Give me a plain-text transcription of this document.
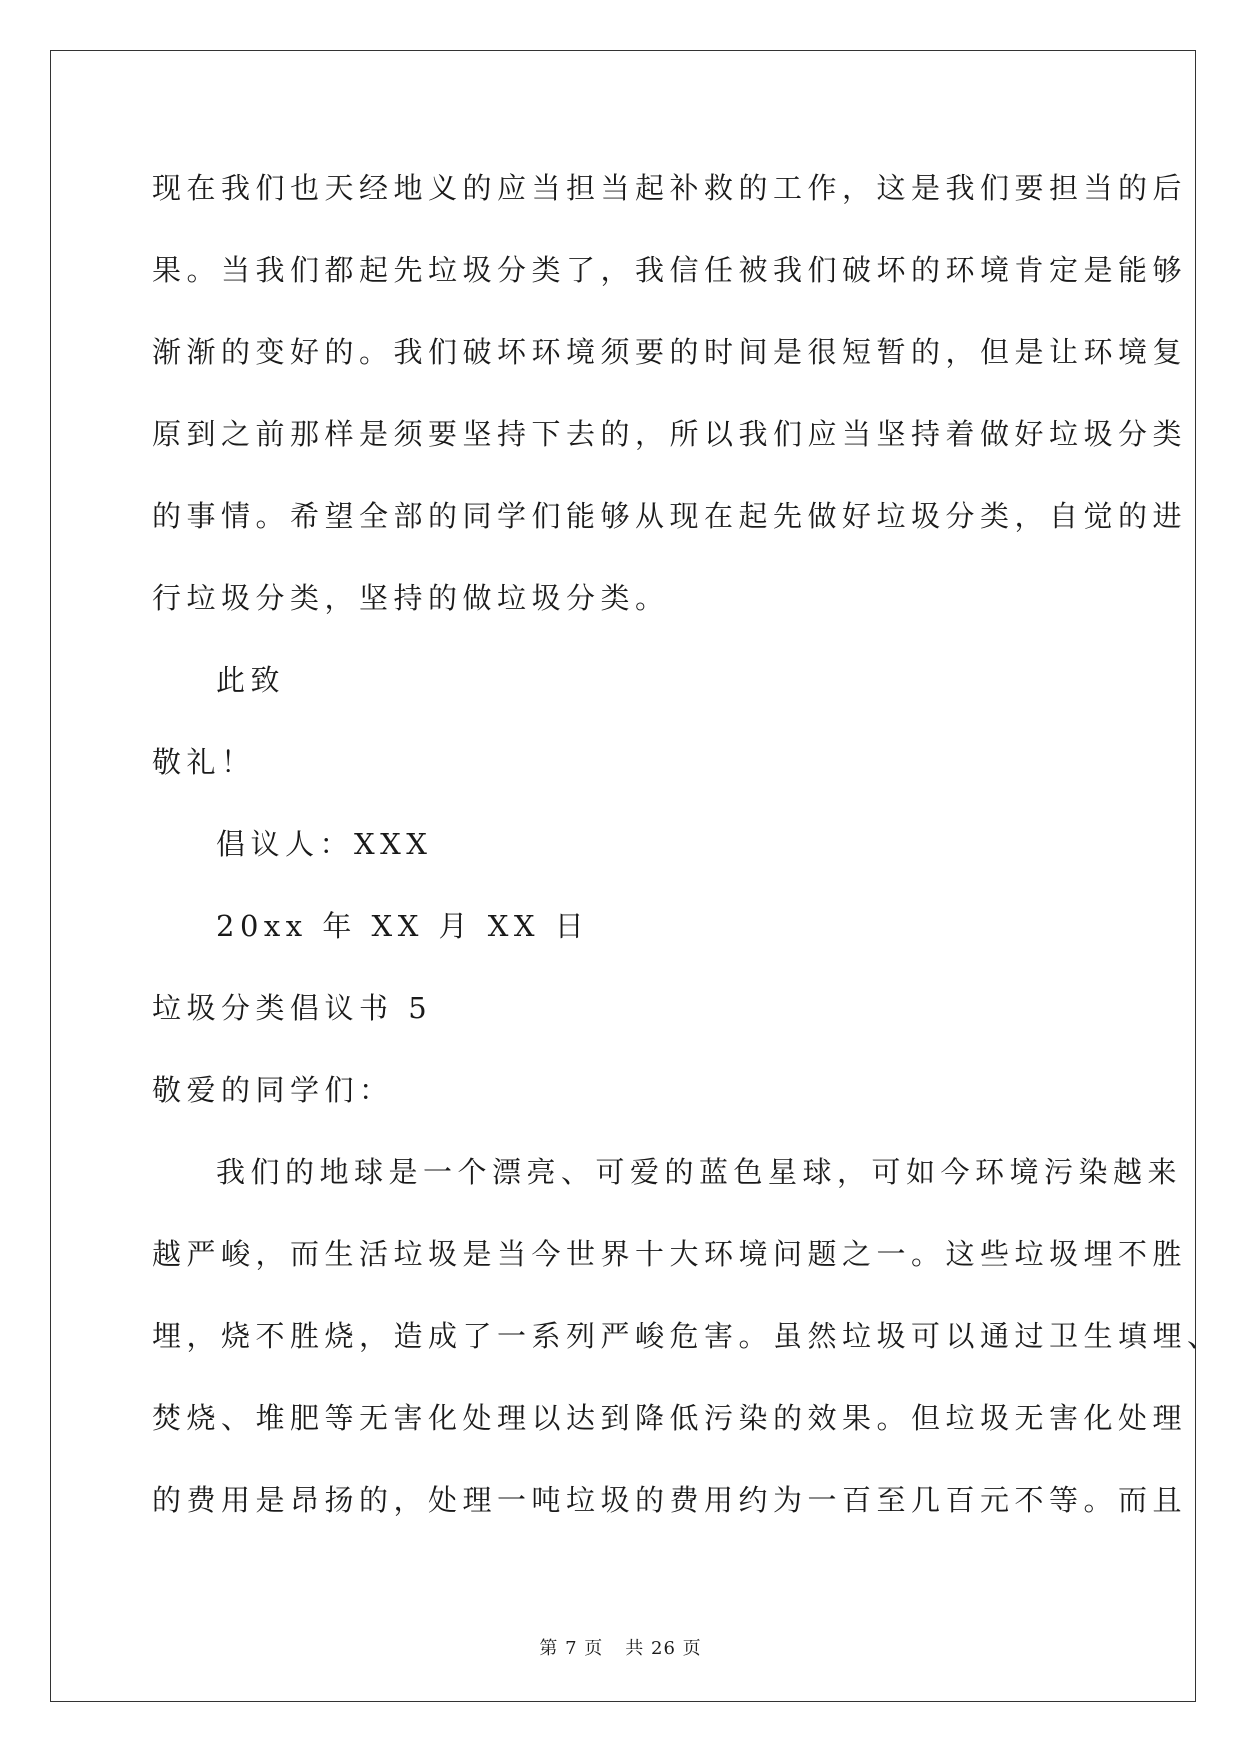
现在我们也天经地义的应当担当起补救的工作，这是我们要担当的后
果。当我们都起先垃圾分类了，我信任被我们破坏的环境肯定是能够
渐渐的变好的。我们破坏环境须要的时间是很短暂的，但是让环境复
原到之前那样是须要坚持下去的，所以我们应当坚持着做好垃圾分类
的事情。希望全部的同学们能够从现在起先做好垃圾分类，自觉的进
行垃圾分类，坚持的做垃圾分类。
此致
敬礼！
倡议人：XXX
20xx 年 XX 月 XX 日
垃圾分类倡议书 5
敬爱的同学们：
我们的地球是一个漂亮、可爱的蓝色星球，可如今环境污染越来
越严峻，而生活垃圾是当今世界十大环境问题之一。这些垃圾埋不胜
埋，烧不胜烧，造成了一系列严峻危害。虽然垃圾可以通过卫生填埋、
焚烧、堆肥等无害化处理以达到降低污染的效果。但垃圾无害化处理
的费用是昂扬的，处理一吨垃圾的费用约为一百至几百元不等。而且
第 7 页 共 26 页
